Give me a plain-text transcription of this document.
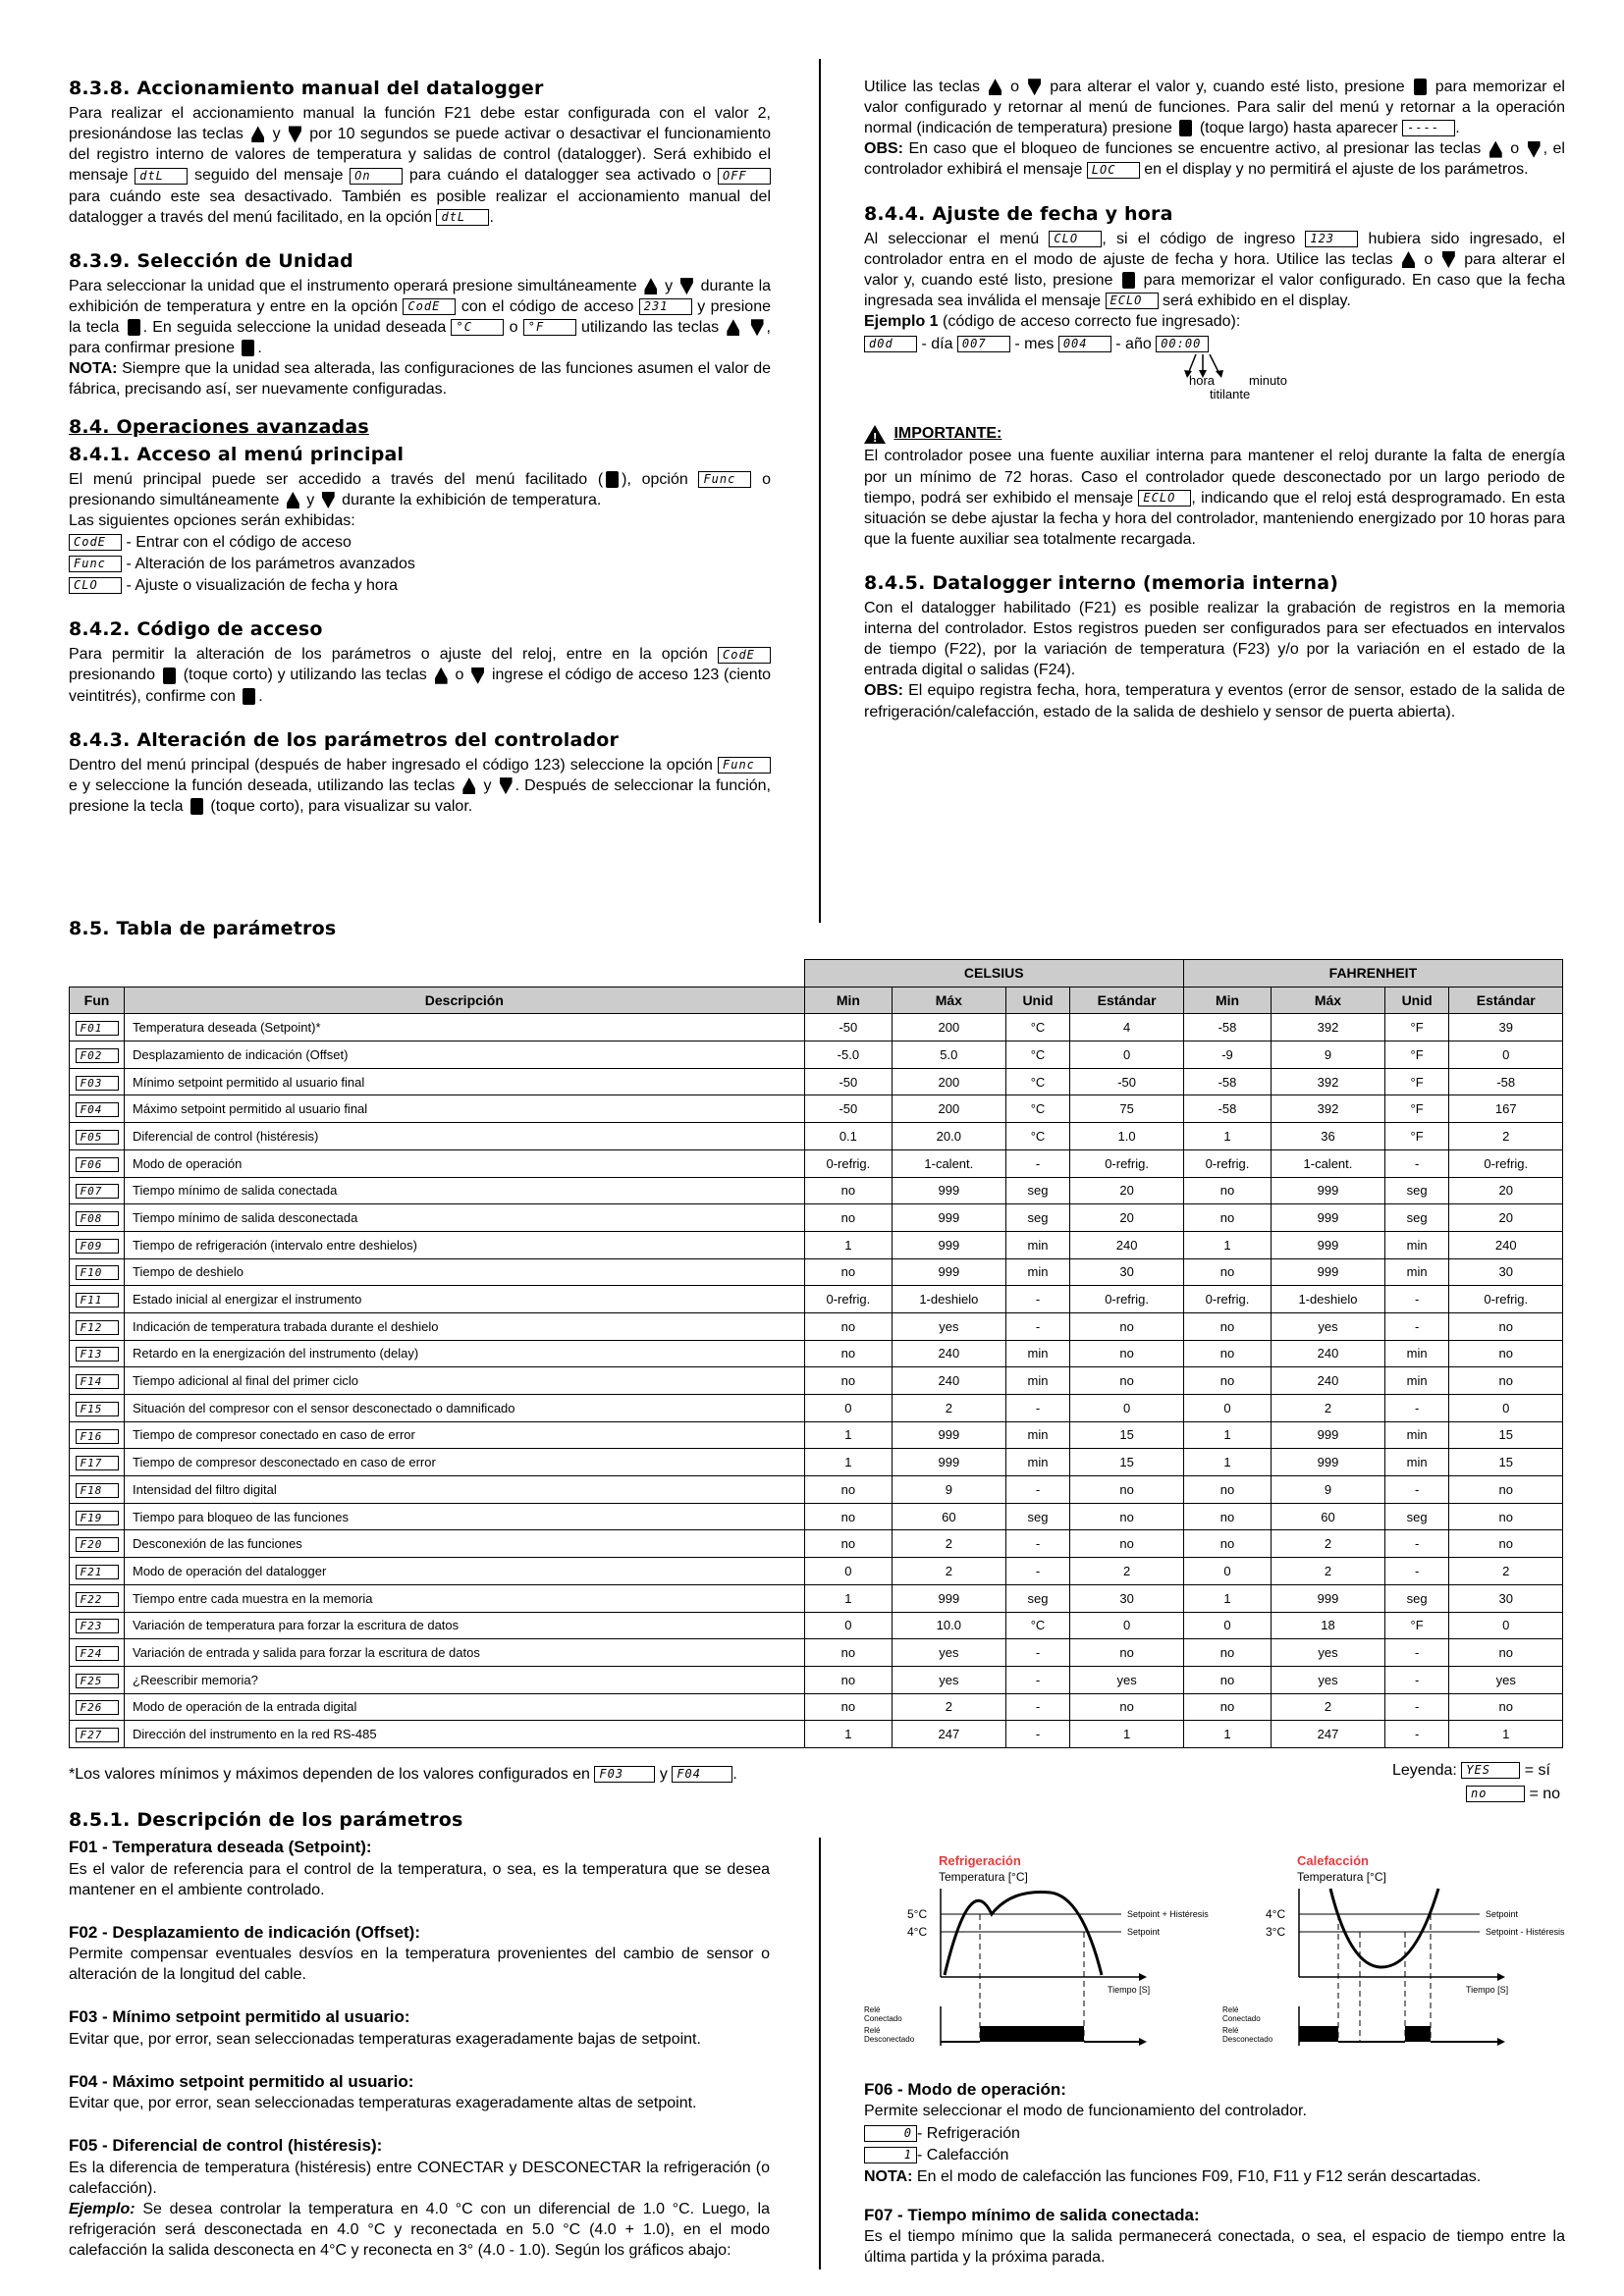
8.3.8. Accionamiento manual del datalogger

Para realizar el accionamiento manual la función F21 debe estar configurada con el valor 2, presionándose las teclas y por 10 segundos se puede activar o desactivar el funcionamiento del registro interno de valores de temperatura y salidas de control (datalogger). Será exhibido el mensaje dtL seguido del mensaje On para cuándo el datalogger sea activado o OFF para cuándo este sea desactivado. También es posible realizar el accionamiento manual del datalogger a través del menú facilitado, en la opción dtL .

8.3.9. Selección de Unidad

Para seleccionar la unidad que el instrumento operará presione simultáneamente y durante la exhibición de temperatura y entre en la opción CodE con el código de acceso 231 y presione la tecla . En seguida seleccione la unidad deseada °C o °F utilizando las teclas	, para confirmar presione .

NOTA: Siempre que la unidad sea alterada, las configuraciones de las funciones asumen el valor de fábrica, precisando así, ser nuevamente configuradas.

8.4. Operaciones avanzadas
8.4.1. Acceso al menú principal

El menú principal puede ser accedido a través del menú facilitado ( ), opción Func o presionando simultáneamente y durante la exhibición de temperatura.

Las siguientes opciones serán exhibidas:

CodE - Entrar con el código de acceso
Func - Alteración de los parámetros avanzados
CLO - Ajuste o visualización de fecha y hora
8.4.2. Código de acceso

Para permitir la alteración de los parámetros o ajuste del reloj, entre en la opción CodE presionando (toque corto) y utilizando las teclas o ingrese el código de acceso 123 (ciento veintitrés), confirme con .

8.4.3. Alteración de los parámetros del controlador

Dentro del menú principal (después de haber ingresado el código 123) seleccione la opción Func e y seleccione la función deseada, utilizando las teclas y . Después de seleccionar la función, presione la tecla (toque corto), para visualizar su valor.

Utilice las teclas o para alterar el valor y, cuando esté listo, presione para memorizar el valor configurado y retornar al menú de funciones. Para salir del menú y retornar a la operación normal (indicación de temperatura) presione (toque largo) hasta aparecer ---- .

OBS: En caso que el bloqueo de funciones se encuentre activo, al presionar las teclas o , el controlador exhibirá el mensaje LOC en el display y no permitirá el ajuste de los parámetros.

8.4.4. Ajuste de fecha y hora

Al seleccionar el menú CLO , si el código de ingreso 123 hubiera sido ingresado, el controlador entra en el modo de ajuste de fecha y hora. Utilice las teclas o para alterar el valor y, cuando esté listo, presione para memorizar el valor configurado. En caso que la fecha ingresada sea inválida el mensaje ECLO será exhibido en el display.

Ejemplo 1 (código de acceso correcto fue ingresado):

d0d - día 007 - mes 004 - año 00:00
hora	minuto
titilante
! IMPORTANTE:

El controlador posee una fuente auxiliar interna para mantener el reloj durante la falta de energía por un mínimo de 72 horas. Caso el controlador quede desconectado por un largo periodo de tiempo, podrá ser exhibido el mensaje ECLO , indicando que el reloj está desprogramado. En esta situación se debe ajustar la fecha y hora del controlador, manteniendo energizado por 10 horas para que la fuente auxiliar sea totalmente recargada.

8.4.5. Datalogger interno (memoria interna)

Con el datalogger habilitado (F21) es posible realizar la grabación de registros en la memoria interna del controlador. Estos registros pueden ser configurados para ser efectuados en intervalos de tiempo (F22), por la variación de temperatura (F23) y/o por la variación en el estado de la entrada digital o salidas (F24).

OBS: El equipo registra fecha, hora, temperatura y eventos (error de sensor, estado de la salida de refrigeración/calefacción, estado de la salida de deshielo y sensor de puerta abierta).

8.5. Tabla de parámetros
		CELSIUS				FAHRENHEIT			
Fun	Descripción	Min	Máx	Unid	Estándar	Min	Máx	Unid	Estándar
F01	Temperatura deseada (Setpoint)*	-50	200	°C	4	-58	392	°F	39
F02	Desplazamiento de indicación (Offset)	-5.0	5.0	°C	0	-9	9	°F	0
F03	Mínimo setpoint permitido al usuario final	-50	200	°C	-50	-58	392	°F	-58
F04	Máximo setpoint permitido al usuario final	-50	200	°C	75	-58	392	°F	167
F05	Diferencial de control (histéresis)	0.1	20.0	°C	1.0	1	36	°F	2
F06	Modo de operación	0-refrig.	1-calent.	-	0-refrig.	0-refrig.	1-calent.	-	0-refrig.
F07	Tiempo mínimo de salida conectada	no	999	seg	20	no	999	seg	20
F08	Tiempo mínimo de salida desconectada	no	999	seg	20	no	999	seg	20
F09	Tiempo de refrigeración (intervalo entre deshielos)	1	999	min	240	1	999	min	240
F10	Tiempo de deshielo	no	999	min	30	no	999	min	30
F11	Estado inicial al energizar el instrumento	0-refrig.	1-deshielo	-	0-refrig.	0-refrig.	1-deshielo	-	0-refrig.
F12	Indicación de temperatura trabada durante el deshielo	no	yes	-	no	no	yes	-	no
F13	Retardo en la energización del instrumento (delay)	no	240	min	no	no	240	min	no
F14	Tiempo adicional al final del primer ciclo	no	240	min	no	no	240	min	no
F15	Situación del compresor con el sensor desconectado o damnificado	0	2	-	0	0	2	-	0
F16	Tiempo de compresor conectado en caso de error	1	999	min	15	1	999	min	15
F17	Tiempo de compresor desconectado en caso de error	1	999	min	15	1	999	min	15
F18	Intensidad del filtro digital	no	9	-	no	no	9	-	no
F19	Tiempo para bloqueo de las funciones	no	60	seg	no	no	60	seg	no
F20	Desconexión de las funciones	no	2	-	no	no	2	-	no
F21	Modo de operación del datalogger	0	2	-	2	0	2	-	2
F22	Tiempo entre cada muestra en la memoria	1	999	seg	30	1	999	seg	30
F23	Variación de temperatura para forzar la escritura de datos	0	10.0	°C	0	0	18	°F	0
F24	Variación de entrada y salida para forzar la escritura de datos	no	yes	-	no	no	yes	-	no
F25	¿Reescribir memoria?	no	yes	-	yes	no	yes	-	yes
F26	Modo de operación de la entrada digital	no	2	-	no	no	2	-	no
F27	Dirección del instrumento en la red RS-485	1	247	-	1	1	247	-	1
*Los valores mínimos y máximos dependen de los valores configurados en F03 y F04 .	Leyenda: YES = sí
no	= no
8.5.1. Descripción de los parámetros
F01 - Temperatura deseada (Setpoint):

Es el valor de referencia para el control de la temperatura, o sea, es la temperatura que se desea mantener en el ambiente controlado.

F02 - Desplazamiento de indicación (Offset):

Permite compensar eventuales desvíos en la temperatura provenientes del cambio de sensor o alteración de la longitud del cable.

F03 - Mínimo setpoint permitido al usuario:

Evitar que, por error, sean seleccionadas temperaturas exageradamente bajas de setpoint.

F04 - Máximo setpoint permitido al usuario:

Evitar que, por error, sean seleccionadas temperaturas exageradamente altas de setpoint.

F05 - Diferencial de control (histéresis):

Es la diferencia de temperatura (histéresis) entre CONECTAR y DESCONECTAR la refrigeración (o calefacción).

Ejemplo: Se desea controlar la temperatura en 4.0 °C con un diferencial de 1.0 °C. Luego, la refrigeración será desconectada en 4.0 °C y reconectada en 5.0 °C (4.0 + 1.0), en el modo calefacción la salida desconecta en 4°C y reconecta en 3° (4.0 - 1.0). Según los gráficos abajo:

Refrigeración
Temperatura [°C]
5°C
4°C
Setpoint + Histéresis
Setpoint
Tiempo [S]
Relé
Conectado
Relé
Desconectado
Calefacción
Temperatura [°C]
4°C
3°C
Setpoint
Setpoint - Histéresis
Tiempo [S]
Relé
Conectado
Relé
Desconectado
F06 - Modo de operación:

Permite seleccionar el modo de funcionamiento del controlador.

0 - Refrigeración
1 - Calefacción

NOTA: En el modo de calefacción las funciones F09, F10, F11 y F12 serán descartadas.

F07 - Tiempo mínimo de salida conectada:

Es el tiempo mínimo que la salida permanecerá conectada, o sea, el espacio de tiempo entre la última partida y la próxima parada.
